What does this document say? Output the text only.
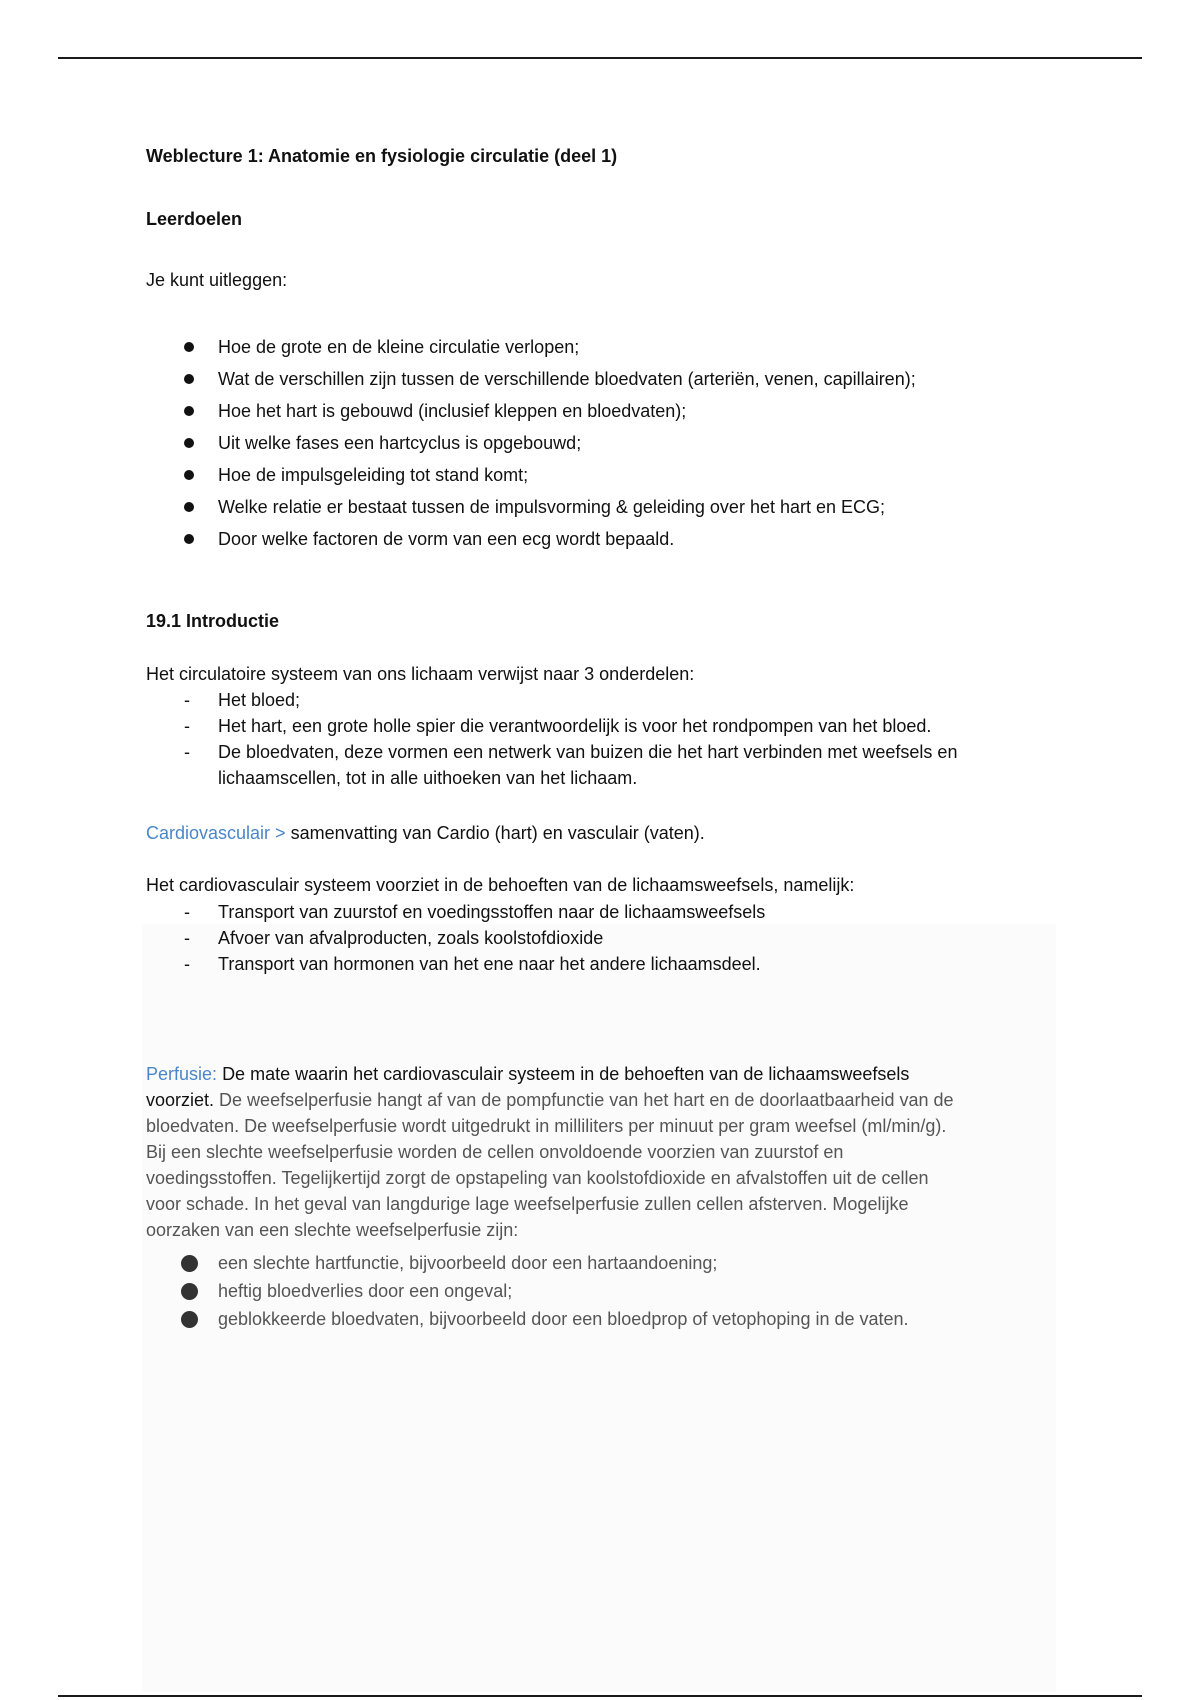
Weblecture 1: Anatomie en fysiologie circulatie (deel 1)
Leerdoelen
Je kunt uitleggen:
Hoe de grote en de kleine circulatie verlopen;
Wat de verschillen zijn tussen de verschillende bloedvaten (arteriën, venen, capillairen);
Hoe het hart is gebouwd (inclusief kleppen en bloedvaten);
Uit welke fases een hartcyclus is opgebouwd;
Hoe de impulsgeleiding tot stand komt;
Welke relatie er bestaat tussen de impulsvorming & geleiding over het hart en ECG;
Door welke factoren de vorm van een ecg wordt bepaald.
19.1 Introductie
Het circulatoire systeem van ons lichaam verwijst naar 3 onderdelen:
- Het bloed;
- Het hart, een grote holle spier die verantwoordelijk is voor het rondpompen van het bloed.
- De bloedvaten, deze vormen een netwerk van buizen die het hart verbinden met weefsels en
lichaamscellen, tot in alle uithoeken van het lichaam.
Cardiovasculair > samenvatting van Cardio (hart) en vasculair (vaten).
Het cardiovasculair systeem voorziet in de behoeften van de lichaamsweefsels, namelijk:
- Transport van zuurstof en voedingsstoffen naar de lichaamsweefsels
- Afvoer van afvalproducten, zoals koolstofdioxide
- Transport van hormonen van het ene naar het andere lichaamsdeel.
Perfusie: De mate waarin het cardiovasculair systeem in de behoeften van de lichaamsweefsels
voorziet. De weefselperfusie hangt af van de pompfunctie van het hart en de doorlaatbaarheid van de
bloedvaten. De weefselperfusie wordt uitgedrukt in milliliters per minuut per gram weefsel (ml/min/g).
Bij een slechte weefselperfusie worden de cellen onvoldoende voorzien van zuurstof en
voedingsstoffen. Tegelijkertijd zorgt de opstapeling van koolstofdioxide en afvalstoffen uit de cellen
voor schade. In het geval van langdurige lage weefselperfusie zullen cellen afsterven. Mogelijke
oorzaken van een slechte weefselperfusie zijn:
een slechte hartfunctie, bijvoorbeeld door een hartaandoening;
heftig bloedverlies door een ongeval;
geblokkeerde bloedvaten, bijvoorbeeld door een bloedprop of vetophoping in de vaten.
